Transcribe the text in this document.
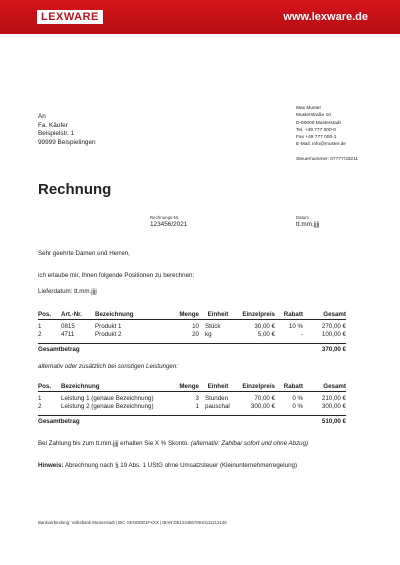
LEXWARE	www.lexware.de
An
Fa. Käufer
Beispielstr. 1
99999 Beispielingen
Max Muster
Musterstraße 10
D-80000 Musterstadt
Tel. +49 777 000-0
Fax +49 777 000-1
E-Mail: info@muster.de
Steuernummer: 07777/33211
Rechnung
Rechnungs-Nr.
123456/2021
Datum
tt.mm.jjjj
Sehr geehrte Damen und Herren,
ich erlaube mir, Ihnen folgende Positionen zu berechnen:
Lieferdatum: tt.mm.jjjj
Pos.	Art.-Nr.	Bezeichnung	Menge	Einheit	Einzelpreis	Rabatt	Gesamt
1	0815	Produkt 1	10	Stück	30,00 €	10 %	270,00 €
2	4711	Produkt 2	20	kg	5,00 €	-	100,00 €
Gesamtbetrag	370,00 €
alternativ oder zusätzlich bei sonstigen Leistungen:
Pos.	Bezeichnung	Menge	Einheit	Einzelpreis	Rabatt	Gesamt
1	Leistung 1 (genaue Bezeichnung)	3	Stunden	70,00 €	0 %	210,00 €
2	Leistung 2 (genaue Bezeichnung)	1	pauschal	300,00 €	0 %	300,00 €
Gesamtbetrag	510,00 €
Bei Zahlung bis zum tt.mm.jjjj erhalten Sie X % Skonto. (alternativ: Zahlbar sofort und ohne Abzug)
Hinweis: Abrechnung nach § 19 Abs. 1 UStG ohne Umsatzsteuer (Kleinunternehmerregelung)
Bankverbindung: Volksbank Musterstadt | BIC GENODE1FXXX | IBAN DE12345678910111213145
